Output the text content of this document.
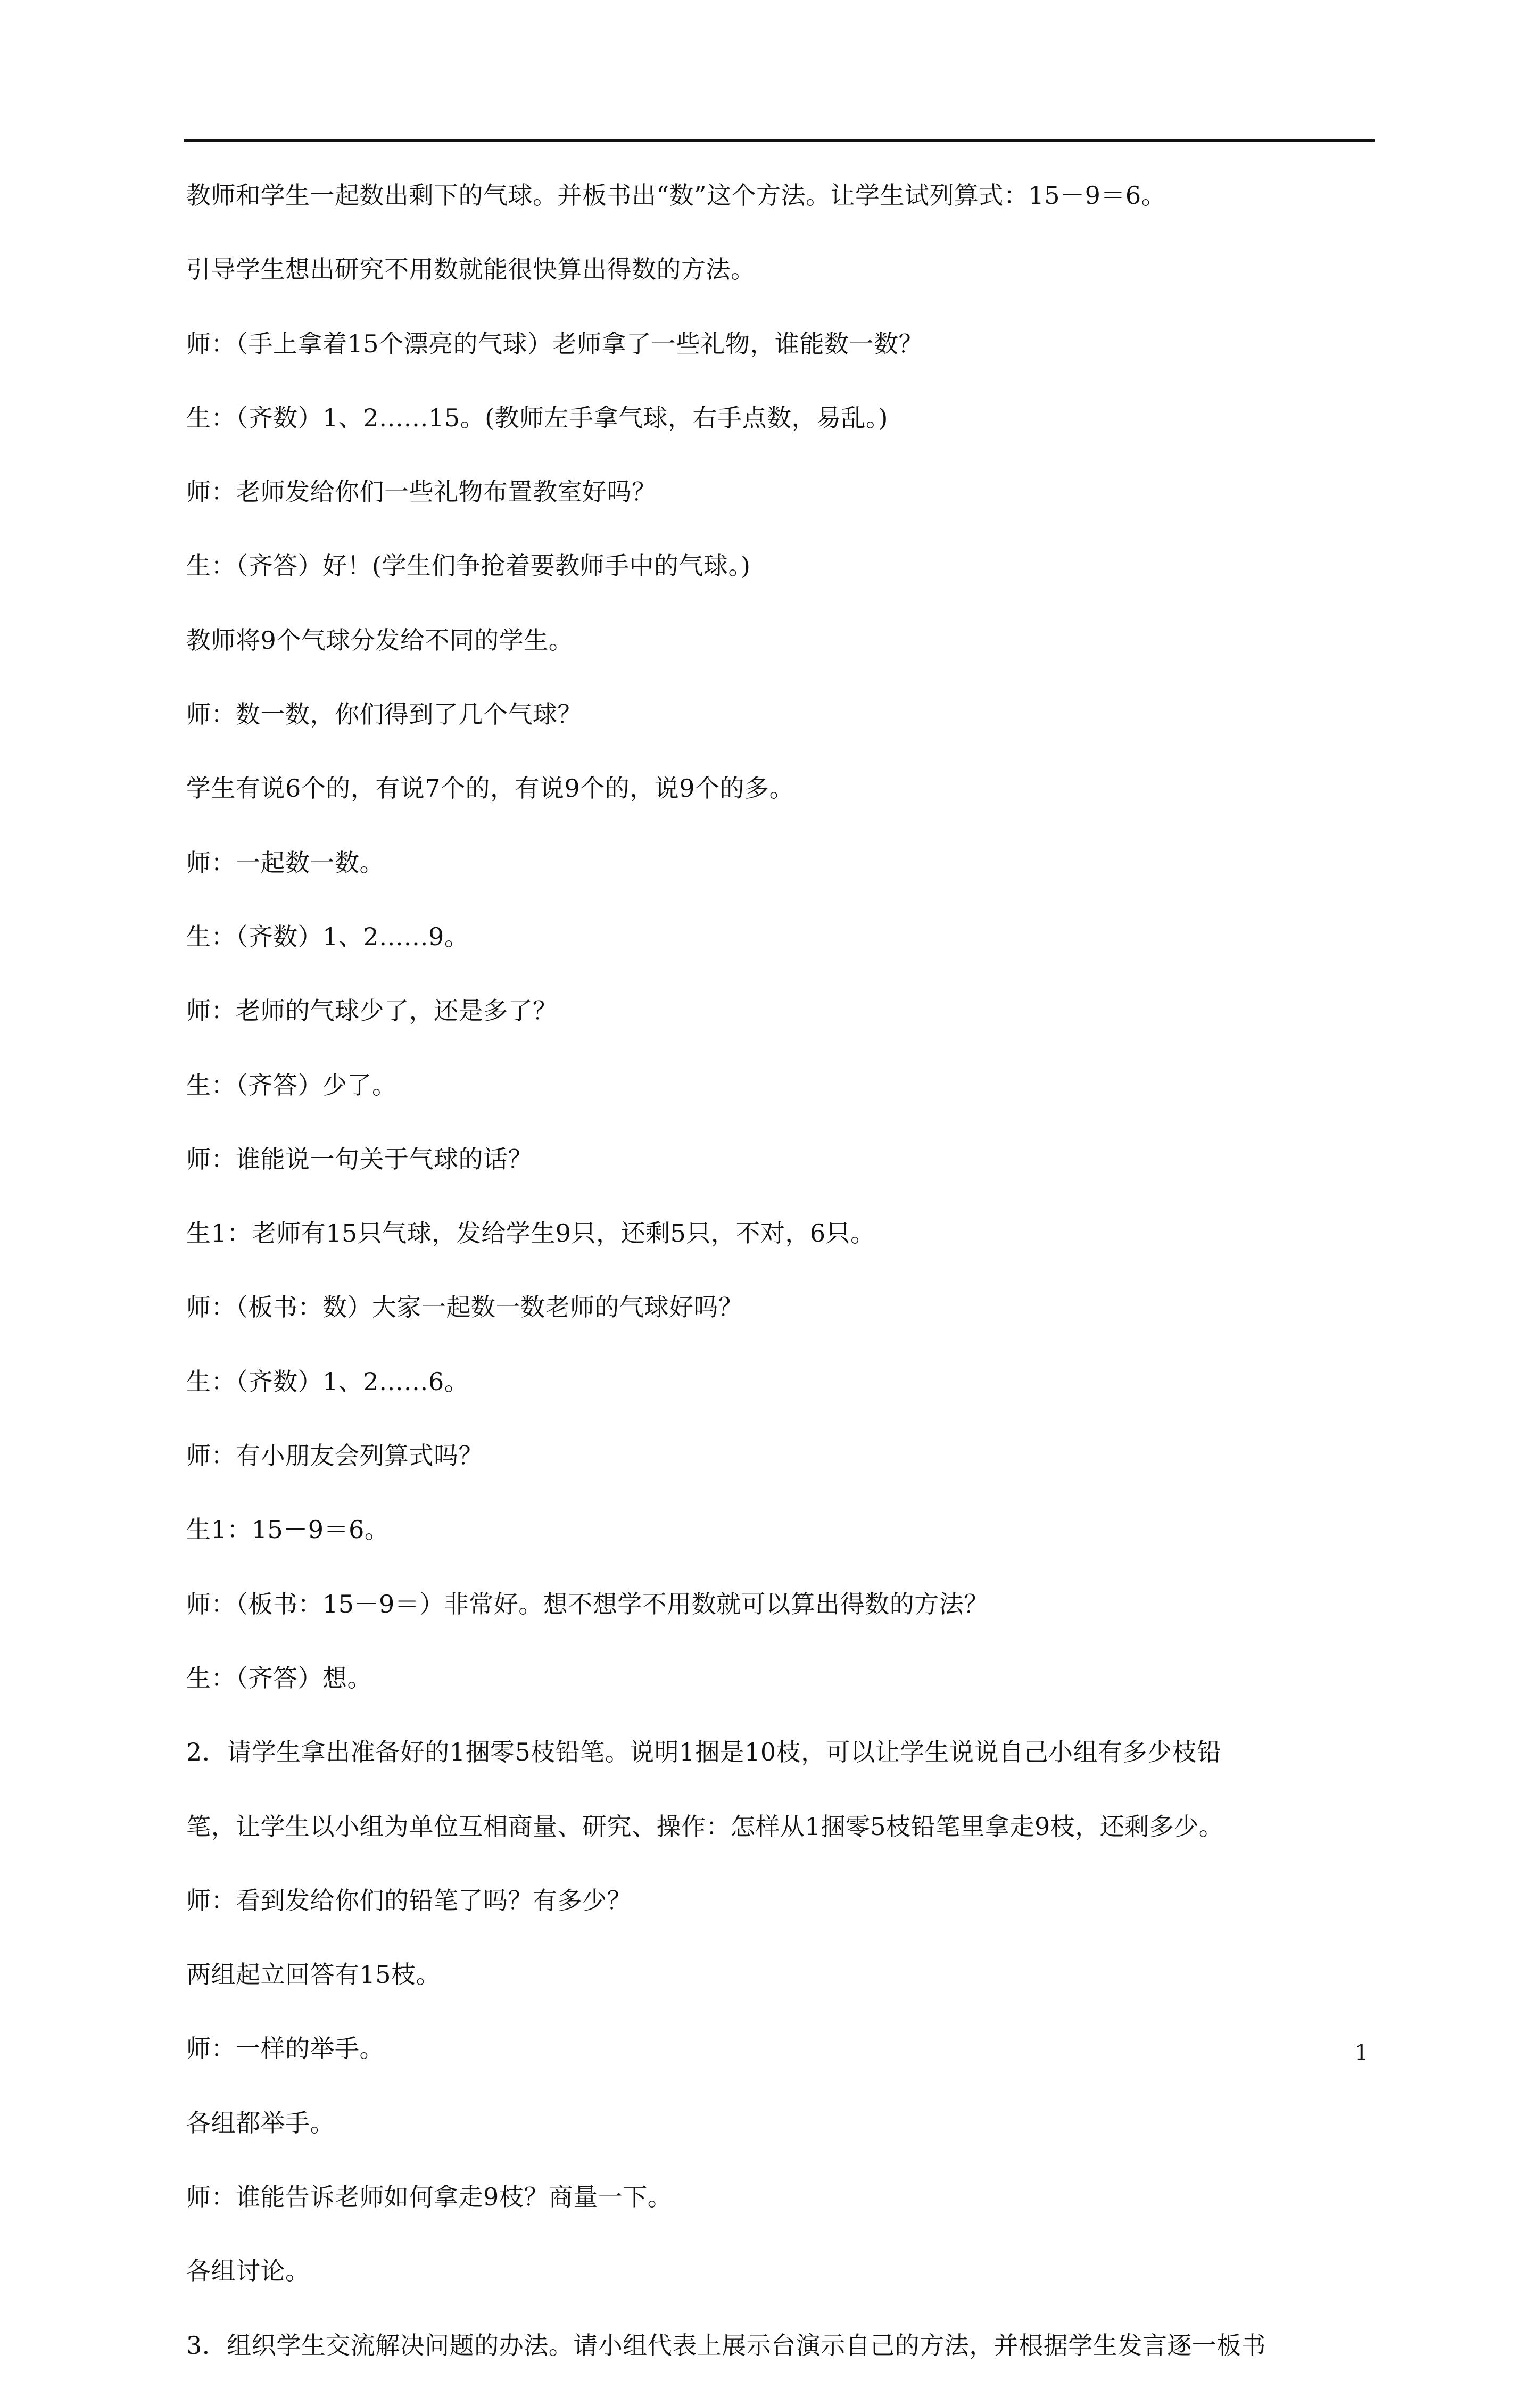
教师和学生一起数出剩下的气球。并板书出“数”这个方法。让学生试列算式：15－9＝6。

引导学生想出研究不用数就能很快算出得数的方法。

师：（手上拿着15个漂亮的气球）老师拿了一些礼物，谁能数一数？

生：（齐数）1、2……15。(教师左手拿气球，右手点数，易乱。)

师：老师发给你们一些礼物布置教室好吗？

生：（齐答）好！(学生们争抢着要教师手中的气球。)

教师将9个气球分发给不同的学生。

师：数一数，你们得到了几个气球？

学生有说6个的，有说7个的，有说9个的，说9个的多。

师：一起数一数。

生：（齐数）1、2……9。

师：老师的气球少了，还是多了？

生：（齐答）少了。

师：谁能说一句关于气球的话？

生1：老师有15只气球，发给学生9只，还剩5只，不对，6只。

师：（板书：数）大家一起数一数老师的气球好吗？

生：（齐数）1、2……6。

师：有小朋友会列算式吗？

生1：15－9＝6。

师：（板书：15－9＝）非常好。想不想学不用数就可以算出得数的方法？

生：（齐答）想。

2．请学生拿出准备好的1捆零5枝铅笔。说明1捆是10枝，可以让学生说说自己小组有多少枝铅

笔，让学生以小组为单位互相商量、研究、操作：怎样从1捆零5枝铅笔里拿走9枝，还剩多少。

师：看到发给你们的铅笔了吗？有多少？

两组起立回答有15枝。

师：一样的举手。

各组都举手。

师：谁能告诉老师如何拿走9枝？商量一下。

各组讨论。

3．组织学生交流解决问题的办法。请小组代表上展示台演示自己的方法，并根据学生发言逐一板书

1
